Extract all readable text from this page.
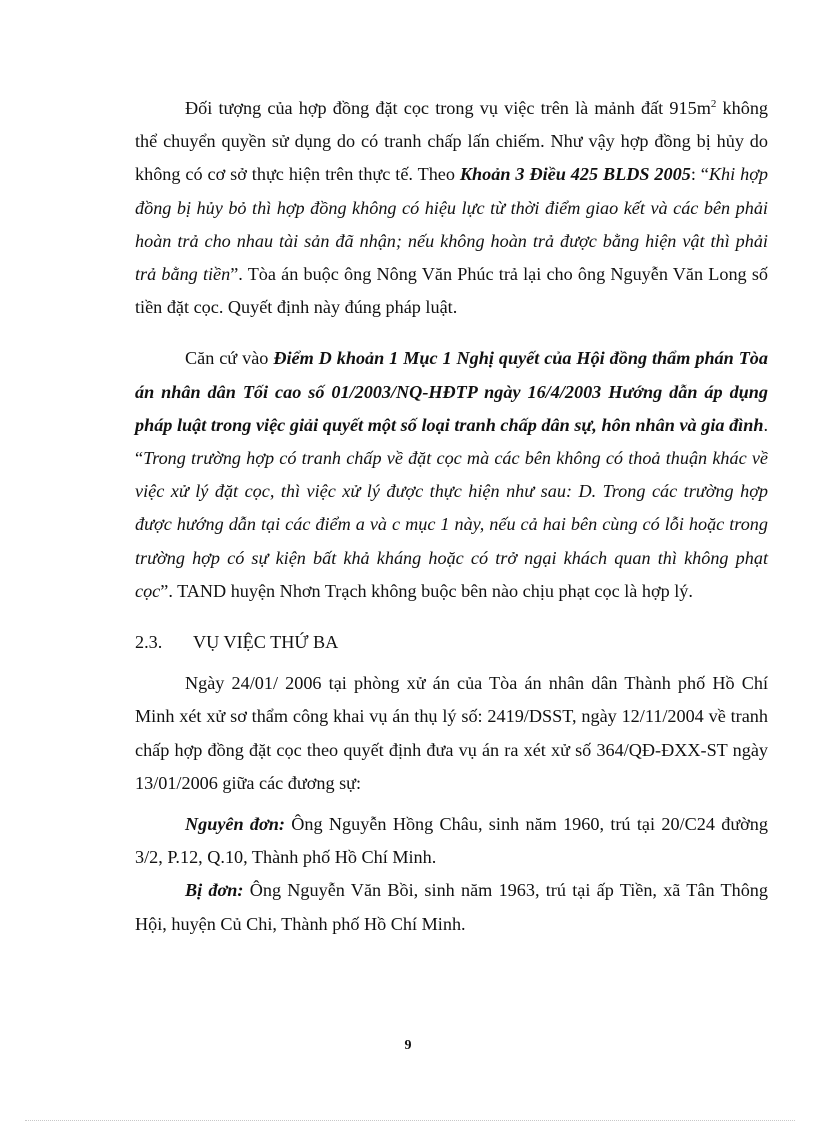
Đối tượng của hợp đồng đặt cọc trong vụ việc trên là mảnh đất $915m^2$ không thể chuyển quyền sử dụng do có tranh chấp lấn chiếm. Như vậy hợp đồng bị hủy do không có cơ sở thực hiện trên thực tế. Theo Khoản 3 Điều 425 BLDS 2005: “Khi hợp đồng bị hủy bỏ thì hợp đồng không có hiệu lực từ thời điểm giao kết và các bên phải hoàn trả cho nhau tài sản đã nhận; nếu không hoàn trả được bằng hiện vật thì phải trả bằng tiền”. Tòa án buộc ông Nông Văn Phúc trả lại cho ông Nguyễn Văn Long số tiền đặt cọc. Quyết định này đúng pháp luật.

Căn cứ vào Điểm D khoản 1 Mục 1 Nghị quyết của Hội đồng thẩm phán Tòa án nhân dân Tối cao số 01/2003/NQ-HĐTP ngày 16/4/2003 Hướng dẫn áp dụng pháp luật trong việc giải quyết một số loại tranh chấp dân sự, hôn nhân và gia đình. “Trong trường hợp có tranh chấp về đặt cọc mà các bên không có thoả thuận khác về việc xử lý đặt cọc, thì việc xử lý được thực hiện như sau: D. Trong các trường hợp được hướng dẫn tại các điểm a và c mục 1 này, nếu cả hai bên cùng có lỗi hoặc trong trường hợp có sự kiện bất khả kháng hoặc có trở ngại khách quan thì không phạt cọc”. TAND huyện Nhơn Trạch không buộc bên nào chịu phạt cọc là hợp lý.

2.3. VỤ VIỆC THỨ BA

Ngày 24/01/ 2006 tại phòng xử án của Tòa án nhân dân Thành phố Hồ Chí Minh xét xử sơ thẩm công khai vụ án thụ lý số: 2419/DSST, ngày 12/11/2004 về tranh chấp hợp đồng đặt cọc theo quyết định đưa vụ án ra xét xử số 364/QĐ-ĐXX-ST ngày 13/01/2006 giữa các đương sự:

Nguyên đơn: Ông Nguyễn Hồng Châu, sinh năm 1960, trú tại 20/C24 đường 3/2, P.12, Q.10, Thành phố Hồ Chí Minh.

Bị đơn: Ông Nguyễn Văn Bồi, sinh năm 1963, trú tại ấp Tiền, xã Tân Thông Hội, huyện Củ Chi, Thành phố Hồ Chí Minh.

9
